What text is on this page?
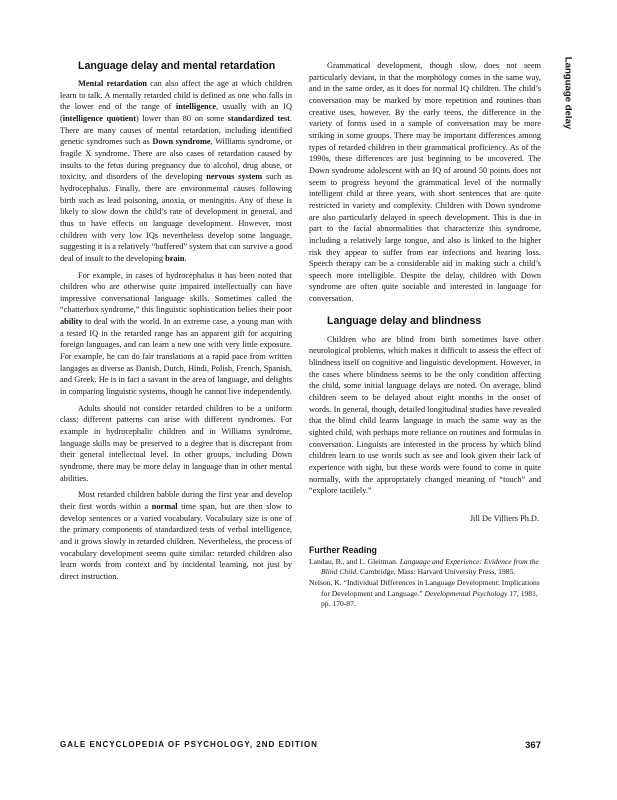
Language delay
Language delay and mental retardation

Mental retardation can also affect the age at which children learn to talk. A mentally retarded child is defined as one who falls in the lower end of the range of intelligence, usually with an IQ (intelligence quotient) lower than 80 on some standardized test. There are many causes of mental retardation, including identified genetic syndromes such as Down syndrome, Williams syndrome, or fragile X syndrome. There are also cases of retardation caused by insults to the fetus during pregnancy due to alcohol, drug abuse, or toxicity, and disorders of the developing nervous system such as hydrocephalus. Finally, there are environmental causes following birth such as lead poisoning, anoxia, or meningitis. Any of these is likely to slow down the child’s rate of development in general, and thus to have effects on language development. However, most children with very low IQs nevertheless develop some language, suggesting it is a relatively “buffered” system that can survive a good deal of insult to the developing brain.

For example, in cases of hydrocephalus it has been noted that children who are otherwise quite impaired intellectually can have impressive conversational language skills. Sometimes called the “chatterbox syndrome,” this linguistic sophistication belies their poor ability to deal with the world. In an extreme case, a young man with a tested IQ in the retarded range has an apparent gift for acquiring foreign languages, and can learn a new one with very little exposure. For example, he can do fair translations at a rapid pace from written langages as diverse as Danish, Dutch, Hindi, Polish, French, Spanish, and Greek. He is in fact a savant in the area of language, and delights in comparing linguistic systems, though he cannot live independently.

Adults should not consider retarded children to be a uniform class; different patterns can arise with different syndromes. For example in hydrocephalic children and in Williams syndrome, language skills may be preserved to a degree that is discrepant from their general intellectual level. In other groups, including Down syndrome, there may be more delay in language than in other mental abilities.

Most retarded children babble during the first year and develop their first words within a normal time span, but are then slow to develop sentences or a varied vocabulary. Vocabulary size is one of the primary components of standardized tests of verbal intelligence, and it grows slowly in retarded children. Nevertheless, the process of vocabulary development seems quite similar: retarded children also learn words from context and by incidental learning, not just by direct instruction.

Grammatical development, though slow, does not seem particularly deviant, in that the morphology comes in the same way, and in the same order, as it does for normal IQ children. The child’s conversation may be marked by more repetition and routines than creative uses, however. By the early teens, the difference in the variety of forms used in a sample of conversation may be more striking in some groups. There may be important differences among types of retarded children in their grammatical proficiency. As of the 1990s, these differences are just beginning to be uncovered. The Down syndrome adolescent with an IQ of around 50 points does not seem to progress beyond the grammatical level of the normally intelligent child at three years, with short sentences that are quite restricted in variety and complexity. Children with Down syndrome are also particularly delayed in speech development. This is due in part to the facial abnormalities that characterize this syndrome, including a relatively large tongue, and also is linked to the higher risk they appear to suffer from ear infections and hearing loss. Speech therapy can be a considerable aid in making such a child’s speech more intelligible. Despite the delay, children with Down syndrome are often quite sociable and interested in language for conversation.

Language delay and blindness

Children who are blind from birth sometimes have other neurological problems, which makes it difficult to assess the effect of blindness itself on cognitive and linguistic development. However, in the cases where blindness seems to be the only condition affecting the child, some initial language delays are noted. On average, blind children seem to be delayed about eight months in the onset of words. In general, though, detailed longitudinal studies have revealed that the blind child learns language in much the same way as the sighted child, with perhaps more reliance on routines and formulas in conversation. Linguists are interested in the process by which blind children learn to use words such as see and look given their lack of experience with sight, but these words were found to come in quite normally, with the appropriately changed meaning of “touch” and “explore tactilely.”

Jill De Villiers Ph.D.
Further Reading
Landau, B., and L. Gleitman. Language and Experience: Evidence from the Blind Child. Cambridge, Mass: Harvard University Press, 1985.
Nelson, K. “Individual Differences in Language Development: Implications for Development and Language.” Developmental Psychology 17, 1981, pp. 170-87.
GALE ENCYCLOPEDIA OF PSYCHOLOGY, 2ND EDITION	367
